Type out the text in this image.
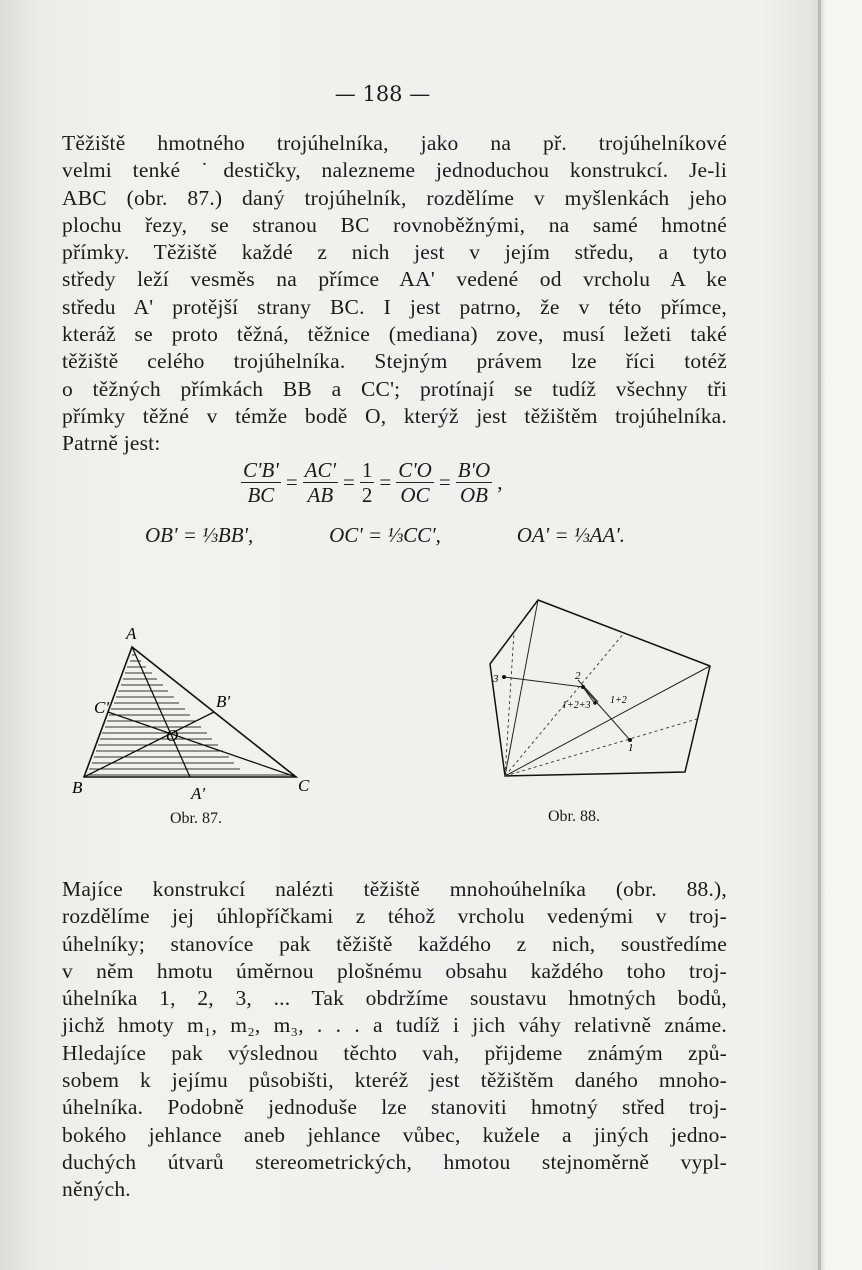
— 188 —
Těžiště hmotného trojúhelníka, jako na př. trojúhelníkové
velmi tenké ˙destičky, nalezneme jednoduchou konstrukcí. Je-li
ABC (obr. 87.) daný trojúhelník, rozdělíme v myšlenkách jeho
plochu řezy, se stranou BC rovnoběžnými, na samé hmotné
přímky. Těžiště každé z nich jest v jejím středu, a tyto
středy leží vesměs na přímce AA' vedené od vrcholu A ke
středu A' protější strany BC. I jest patrno, že v této přímce,
kteráž se proto těžná, těžnice (mediana) zove, musí ležeti také
těžiště celého trojúhelníka. Stejným právem lze říci totéž
o těžných přímkách BB a CC'; protínají se tudíž všechny tři
přímky těžné v témže bodě O, kterýž jest těžištěm trojúhelníka.
Patrně jest:
$\frac{C'B'}{BC} = \frac{AC'}{AB} = \frac{1}{2} = \frac{C'O}{OC} = \frac{B'O}{OB}$ ,
OB' = ⅓BB',	OC' = ⅓CC',	OA' = ⅓AA'.
A
B	C
A'
B'
C'
O
Obr. 87.
3	2
1
1+2
1+2+3
Obr. 88.
Majíce konstrukcí nalézti těžiště mnohoúhelníka (obr. 88.),
rozdělíme jej úhlopříčkami z téhož vrcholu vedenými v troj-
úhelníky; stanovíce pak těžiště každého z nich, soustředíme
v něm hmotu úměrnou plošnému obsahu každého toho troj-
úhelníka 1, 2, 3, ... Tak obdržíme soustavu hmotných bodů,
jichž hmoty m₁, m₂, m₃, . . . a tudíž i jich váhy relativně známe.
Hledajíce pak výslednou těchto vah, přijdeme známým způ-
sobem k jejímu působišti, kteréž jest těžištěm daného mnoho-
úhelníka. Podobně jednoduše lze stanoviti hmotný střed troj-
bokého jehlance aneb jehlance vůbec, kužele a jiných jedno-
duchých útvarů stereometrických, hmotou stejnoměrně vypl-
něných.
